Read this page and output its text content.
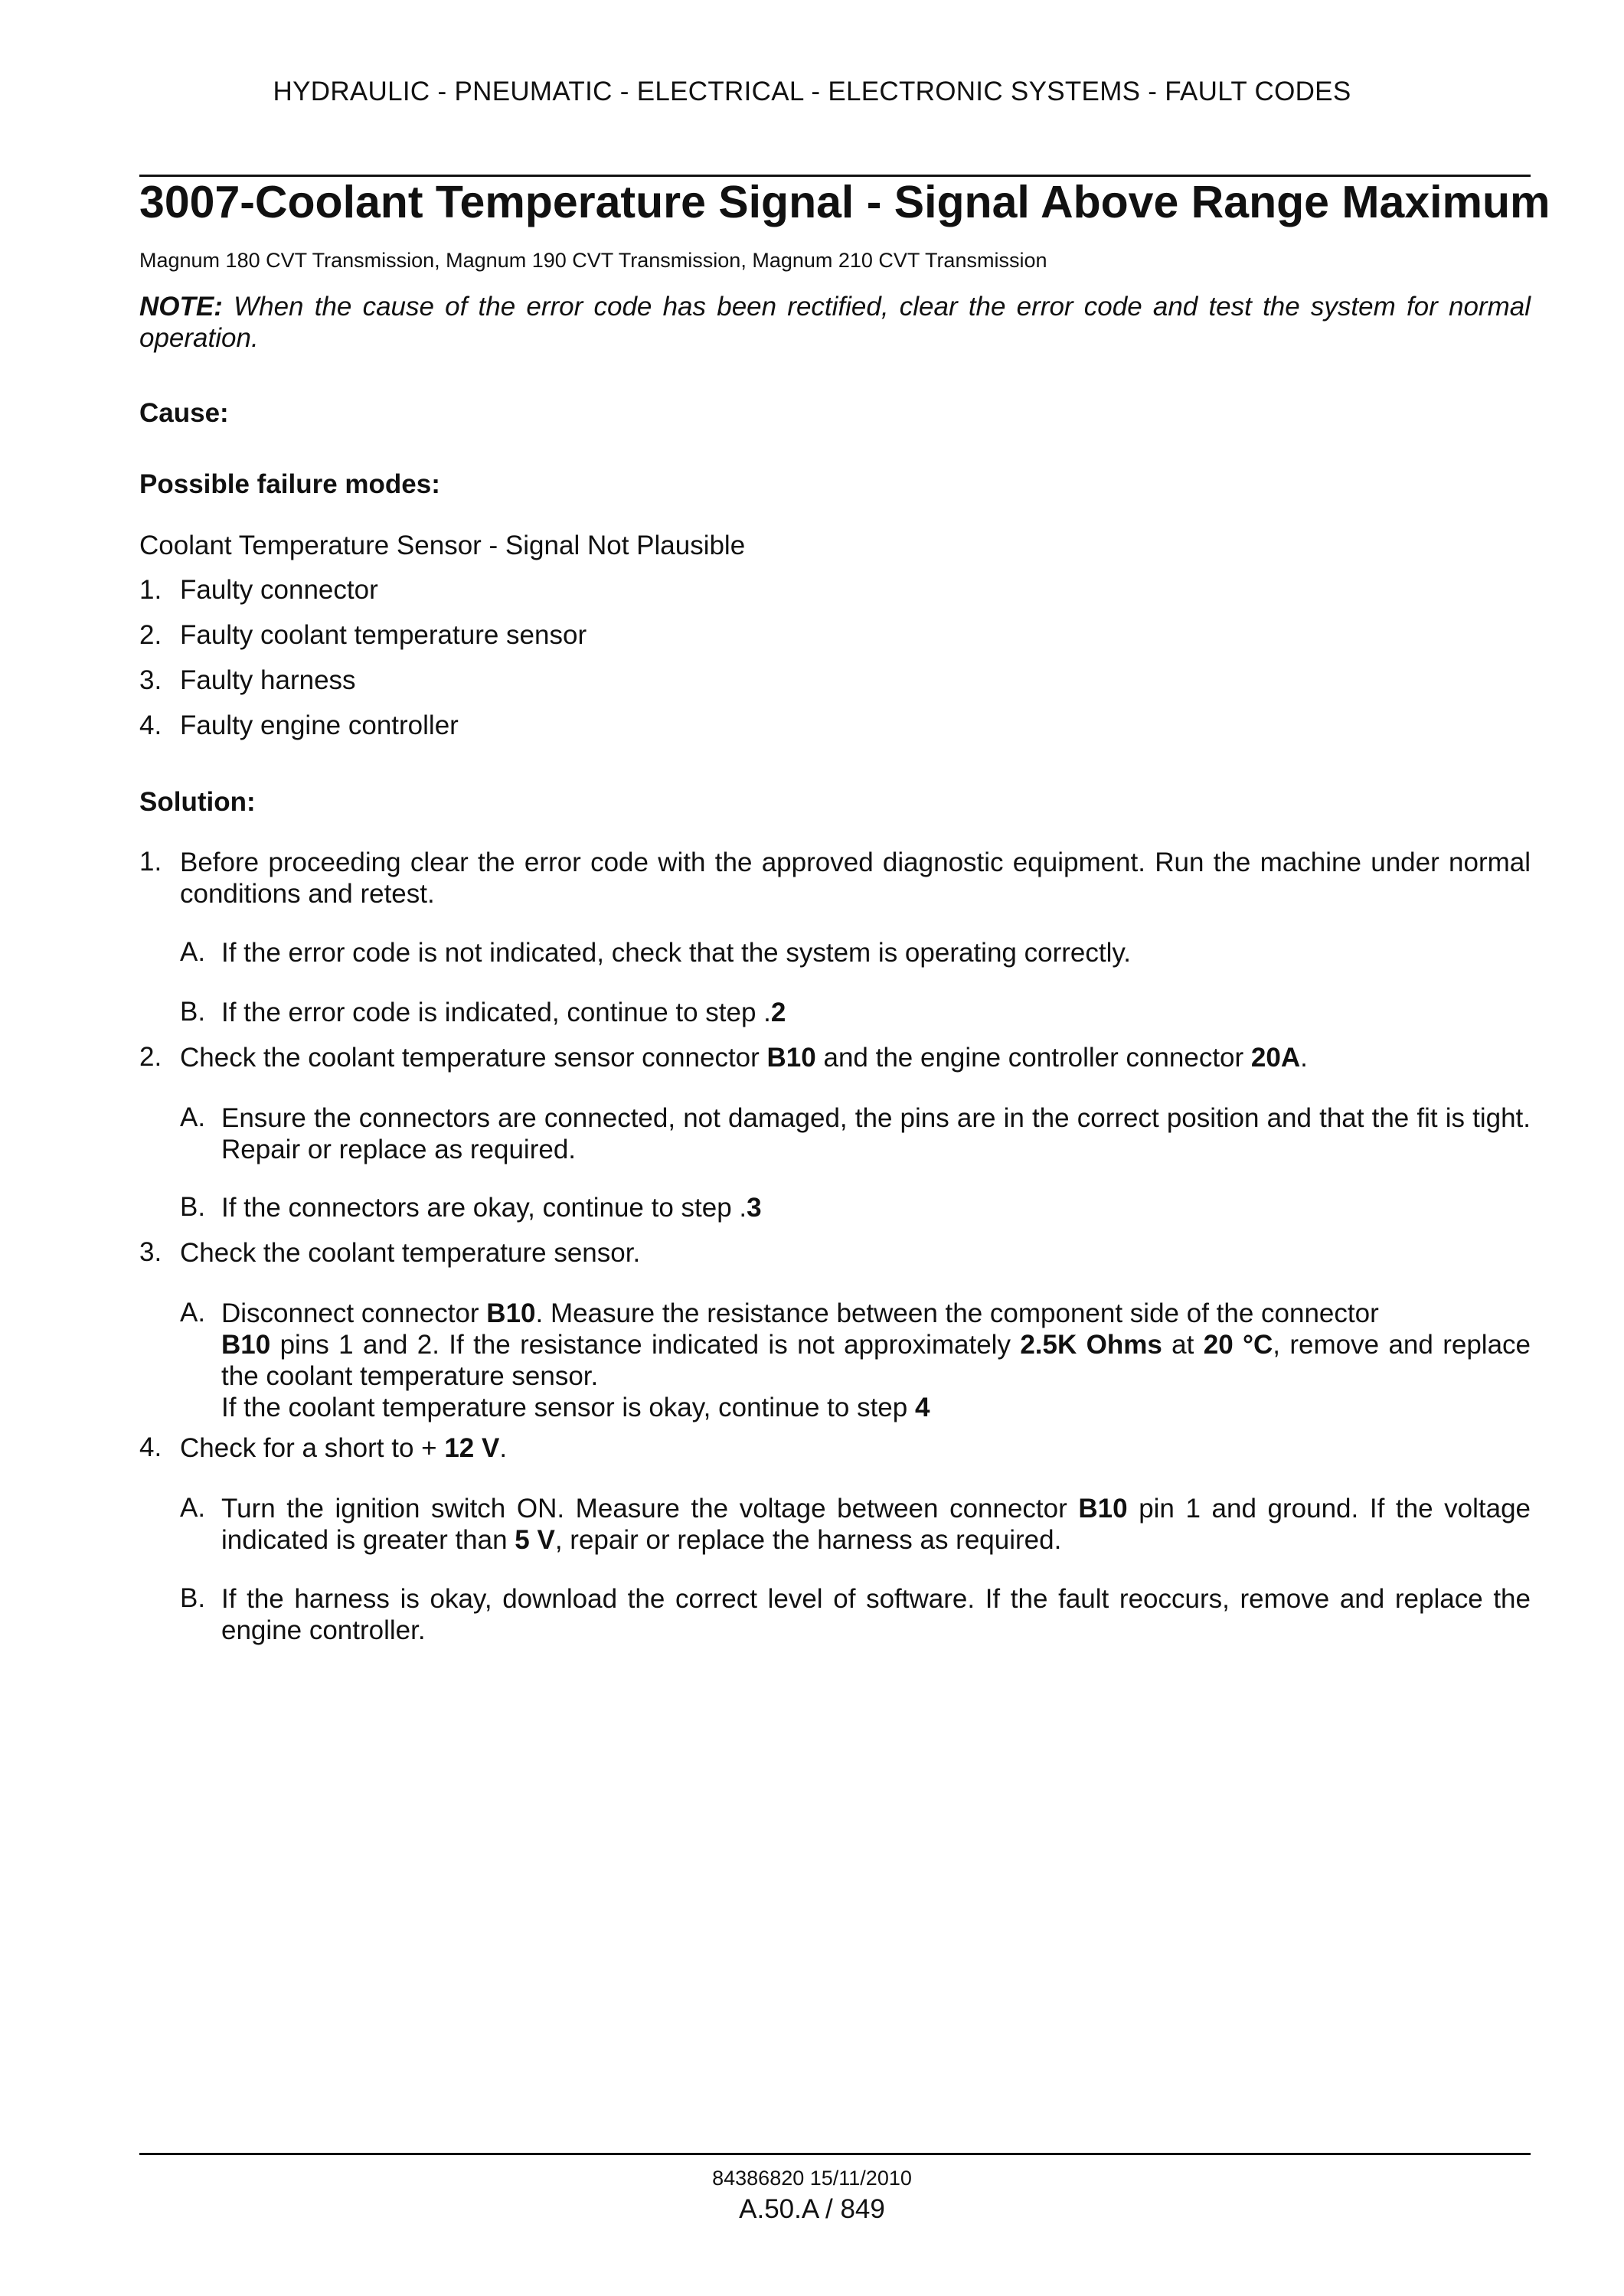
HYDRAULIC - PNEUMATIC - ELECTRICAL - ELECTRONIC SYSTEMS - FAULT CODES
3007-Coolant Temperature Signal - Signal Above Range Maximum
Magnum 180 CVT Transmission, Magnum 190 CVT Transmission, Magnum 210 CVT Transmission
NOTE: When the cause of the error code has been rectified, clear the error code and test the system for normal operation.
Cause:
Possible failure modes:
Coolant Temperature Sensor - Signal Not Plausible
1. Faulty connector
2. Faulty coolant temperature sensor
3. Faulty harness
4. Faulty engine controller
Solution:
1. Before proceeding clear the error code with the approved diagnostic equipment. Run the machine under normal conditions and retest.
A. If the error code is not indicated, check that the system is operating correctly.
B. If the error code is indicated, continue to step .2
2. Check the coolant temperature sensor connector B10 and the engine controller connector 20A.
A. Ensure the connectors are connected, not damaged, the pins are in the correct position and that the fit is tight. Repair or replace as required.
B. If the connectors are okay, continue to step .3
3. Check the coolant temperature sensor.
A. Disconnect connector B10. Measure the resistance between the component side of the connector
B10 pins 1 and 2. If the resistance indicated is not approximately 2.5K Ohms at 20 °C, remove and replace the coolant temperature sensor.
If the coolant temperature sensor is okay, continue to step 4
4. Check for a short to + 12 V.
A. Turn the ignition switch ON. Measure the voltage between connector B10 pin 1 and ground. If the voltage indicated is greater than 5 V, repair or replace the harness as required.
B. If the harness is okay, download the correct level of software. If the fault reoccurs, remove and replace the engine controller.
84386820 15/11/2010
A.50.A / 849
